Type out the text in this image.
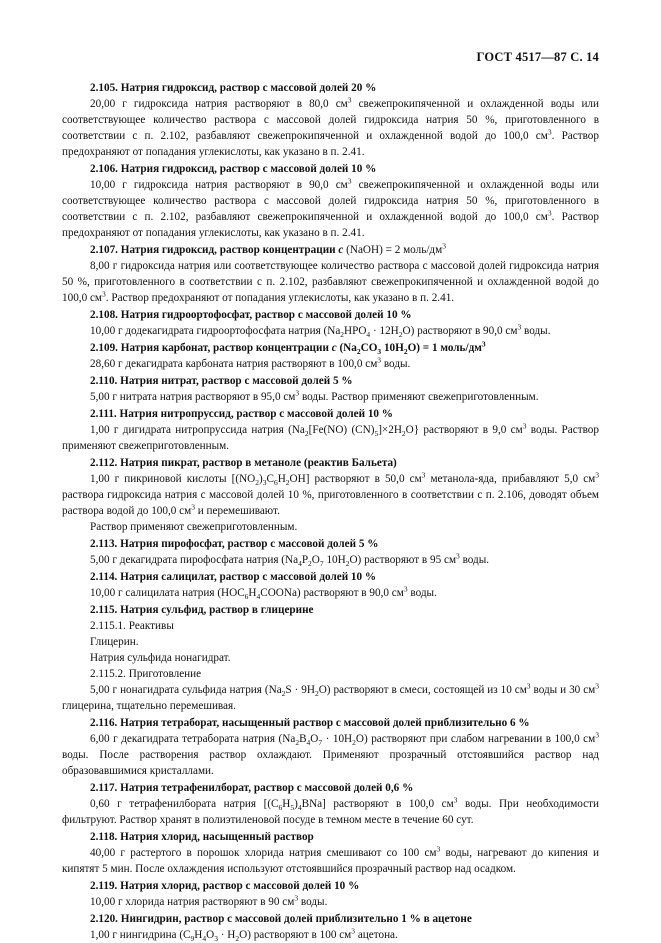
ГОСТ 4517—87 С. 14

2.105. Натрия гидроксид, раствор с массовой долей 20 %

20,00 г гидроксида натрия растворяют в 80,0 $см^3$ свежепрокипяченной и охлажденной воды или соответствующее количество раствора с массовой долей гидроксида натрия 50 %, приготовленного в соответствии с п. 2.102, разбавляют свежепрокипяченной и охлажденной водой до 100,0 $см^3$. Раствор предохраняют от попадания углекислоты, как указано в п. 2.41.

2.106. Натрия гидроксид, раствор с массовой долей 10 %

10,00 г гидроксида натрия растворяют в 90,0 $см^3$ свежепрокипяченной и охлажденной воды или соответствующее количество раствора с массовой долей гидроксида натрия 50 %, приготовленного в соответствии с п. 2.102, разбавляют свежепрокипяченной и охлажденной водой до 100,0 $см^3$. Раствор предохраняют от попадания углекислоты, как указано в п. 2.41.

2.107. Натрия гидроксид, раствор концентрации с (NaOH) = 2 моль/$дм^3$

8,00 г гидроксида натрия или соответствующее количество раствора с массовой долей гидроксида натрия 50 %, приготовленного в соответствии с п. 2.102, разбавляют свежепрокипяченной и охлажденной водой до 100,0 $см^3$. Раствор предохраняют от попадания углекислоты, как указано в п. 2.41.

2.108. Натрия гидроортофосфат, раствор с массовой долей 10 %

10,00 г додекагидрата гидроортофосфата натрия $(Na_2HPO_4 \cdot 12H_2O)$ растворяют в 90,0 $см^3$ воды.

2.109. Натрия карбонат, раствор концентрации с ($Na_2CO_3$ $10H_2O) = 1$ моль/$дм^3$

28,60 г декагидрата карбоната натрия растворяют в 100,0 $см^3$ воды.

2.110. Натрия нитрат, раствор с массовой долей 5 %

5,00 г нитрата натрия растворяют в 95,0 $см^3$ воды. Раствор применяют свежеприготовленным.

2.111. Натрия нитропруссид, раствор с массовой долей 10 %

1,00 г дигидрата нитропруссида натрия ($Na_2[Fe(NO)$ $(CN)_5]\times 2H_2O$} растворяют в 9,0 $см^3$ воды. Раствор применяют свежеприготовленным.

2.112. Натрия пикрат, раствор в метаноле (реактив Бальета)

1,00 г пикриновой кислоты $[(NO_2)_3C_6H_2OH]$ растворяют в 50,0 $см^3$ метанола-яда, прибавляют 5,0 $см^3$ раствора гидроксида натрия с массовой долей 10 %, приготовленного в соответствии с п. 2.106, доводят объем раствора водой до 100,0 $см^3$ и перемешивают.

Раствор применяют свежеприготовленным.

2.113. Натрия пирофосфат, раствор с массовой долей 5 %

5,00 г декагидрата пирофосфата натрия ($Na_4P_2O_7$ $10H_2O$) растворяют в 95 $см^3$ воды.

2.114. Натрия салицилат, раствор с массовой долей 10 %

10,00 г салицилата натрия $(HOC_6H_4COONa)$ растворяют в 90,0 $см^3$ воды.

2.115. Натрия сульфид, раствор в глицерине

2.115.1. Реактивы

Глицерин.

Натрия сульфида нонагидрат.

2.115.2. Приготовление

5,00 г нонагидрата сульфида натрия $(Na_2S \cdot 9H_2O)$ растворяют в смеси, состоящей из 10 $см^3$ воды и 30 $см^3$ глицерина, тщательно перемешивая.

2.116. Натрия тетраборат, насыщенный раствор с массовой долей приблизительно 6 %

6,00 г декагидрата тетрабората натрия $(Na_2B_4O_7 \cdot 10H_2O)$ растворяют при слабом нагревании в 100,0 $см^3$ воды. После растворения раствор охлаждают. Применяют прозрачный отстоявшийся раствор над образовавшимися кристаллами.

2.117. Натрия тетрафенилборат, раствор с массовой долей 0,6 %

0,60 г тетрафенилбората натрия $[(C_6H_5)_4BNa]$ растворяют в 100,0 $см^3$ воды. При необходимости фильтруют. Раствор хранят в полиэтиленовой посуде в темном месте в течение 60 сут.

2.118. Натрия хлорид, насыщенный раствор

40,00 г растертого в порошок хлорида натрия смешивают со 100 $см^3$ воды, нагревают до кипения и кипятят 5 мин. После охлаждения используют отстоявшийся прозрачный раствор над осадком.

2.119. Натрия хлорид, раствор с массовой долей 10 %

10,00 г хлорида натрия растворяют в 90 $см^3$ воды.

2.120. Нингидрин, раствор с массовой долей приблизительно 1 % в ацетоне

1,00 г нингидрина $(C_9H_4O_3 \cdot H_2O)$ растворяют в 100 $см^3$ ацетона.
